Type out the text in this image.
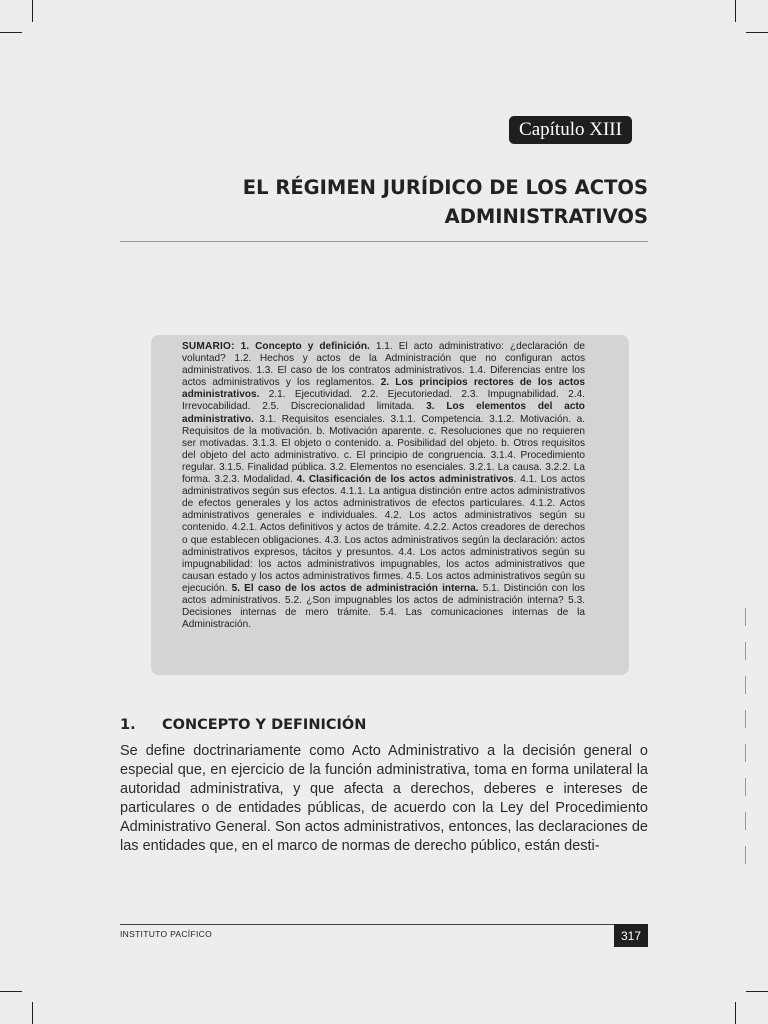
Capítulo XIII
EL RÉGIMEN JURÍDICO DE LOS ACTOS
ADMINISTRATIVOS
SUMARIO: 1. Concepto y definición. 1.1. El acto administrativo: ¿declaración de voluntad? 1.2. Hechos y actos de la Administración que no configuran actos administrativos. 1.3. El caso de los contratos administrativos. 1.4. Diferencias entre los actos administrativos y los reglamentos. 2. Los principios rectores de los actos administrativos. 2.1. Ejecutividad. 2.2. Ejecutoriedad. 2.3. Impugnabilidad. 2.4. Irrevocabilidad. 2.5. Discrecionalidad limitada. 3. Los elementos del acto administrativo. 3.1. Requisitos esenciales. 3.1.1. Competencia. 3.1.2. Motivación. a. Requisitos de la motivación. b. Motivación aparente. c. Resoluciones que no requieren ser motivadas. 3.1.3. El objeto o contenido. a. Posibilidad del objeto. b. Otros requisitos del objeto del acto administrativo. c. El principio de congruencia. 3.1.4. Procedimiento regular. 3.1.5. Finalidad pública. 3.2. Elementos no esenciales. 3.2.1. La causa. 3.2.2. La forma. 3.2.3. Modalidad. 4. Clasificación de los actos administrativos. 4.1. Los actos administrativos según sus efectos. 4.1.1. La antigua distinción entre actos administrativos de efectos generales y los actos administrativos de efectos particulares. 4.1.2. Actos administrativos generales e individuales. 4.2. Los actos administrativos según su contenido. 4.2.1. Actos definitivos y actos de trámite. 4.2.2. Actos creadores de derechos o que establecen obligaciones. 4.3. Los actos administrativos según la declaración: actos administrativos expresos, tácitos y presuntos. 4.4. Los actos administrativos según su impugnabilidad: los actos administrativos impugnables, los actos administrativos que causan estado y los actos administrativos firmes. 4.5. Los actos administrativos según su ejecución. 5. El caso de los actos de administración interna. 5.1. Distinción con los actos administrativos. 5.2. ¿Son impugnables los actos de administración interna? 5.3. Decisiones internas de mero trámite. 5.4. Las comunicaciones internas de la Administración.
1. CONCEPTO Y DEFINICIÓN
Se define doctrinariamente como Acto Administrativo a la decisión general o especial que, en ejercicio de la función administrativa, toma en forma unilateral la autoridad administrativa, y que afecta a derechos, deberes e intereses de particulares o de entidades públicas, de acuerdo con la Ley del Procedimiento Administrativo General. Son actos administrativos, entonces, las declaraciones de las entidades que, en el marco de normas de derecho público, están desti-
INSTITUTO PACÍFICO	317
